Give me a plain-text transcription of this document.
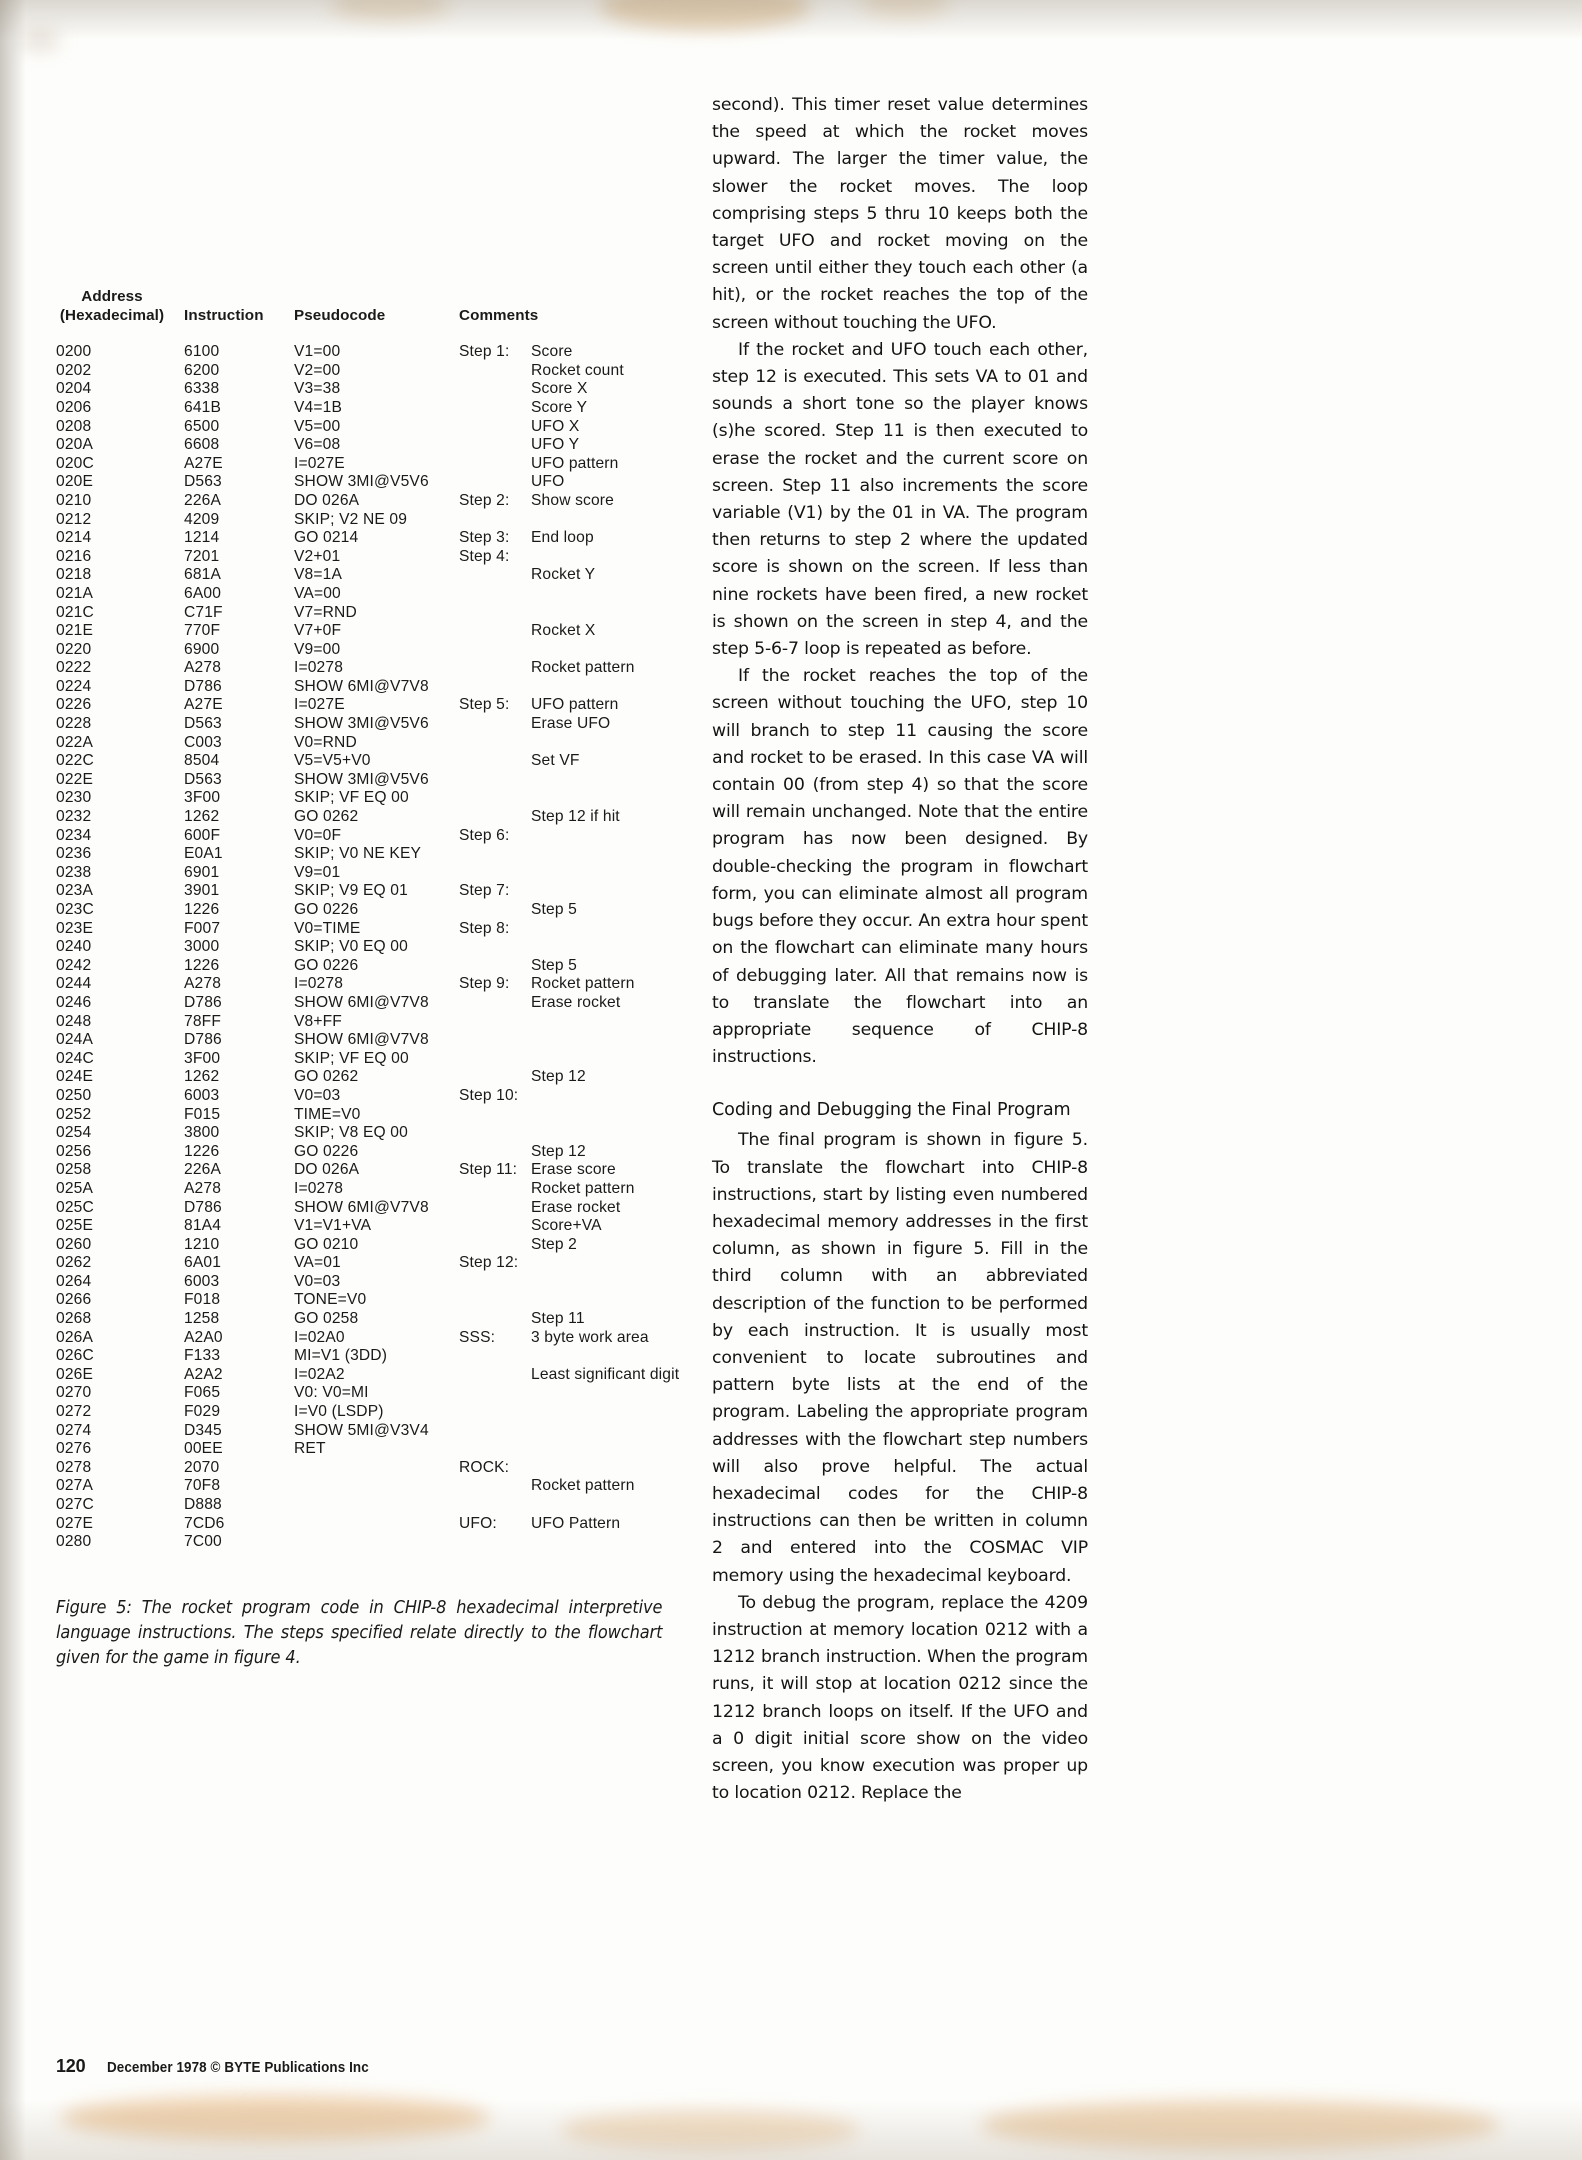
Address
(Hexadecimal)	Instruction	Pseudocode	Comments	
0200	6100	V1=00	Step 1:	Score
0202	6200	V2=00		Rocket count
0204	6338	V3=38		Score X
0206	641B	V4=1B		Score Y
0208	6500	V5=00		UFO X
020A	6608	V6=08		UFO Y
020C	A27E	I=027E		UFO pattern
020E	D563	SHOW 3MI@V5V6		UFO
0210	226A	DO 026A	Step 2:	Show score
0212	4209	SKIP; V2 NE 09		
0214	1214	GO 0214	Step 3:	End loop
0216	7201	V2+01	Step 4:	
0218	681A	V8=1A		Rocket Y
021A	6A00	VA=00		
021C	C71F	V7=RND		
021E	770F	V7+0F		Rocket X
0220	6900	V9=00		
0222	A278	I=0278		Rocket pattern
0224	D786	SHOW 6MI@V7V8		
0226	A27E	I=027E	Step 5:	UFO pattern
0228	D563	SHOW 3MI@V5V6		Erase UFO
022A	C003	V0=RND		
022C	8504	V5=V5+V0		Set VF
022E	D563	SHOW 3MI@V5V6		
0230	3F00	SKIP; VF EQ 00		
0232	1262	GO 0262		Step 12 if hit
0234	600F	V0=0F	Step 6:	
0236	E0A1	SKIP; V0 NE KEY		
0238	6901	V9=01		
023A	3901	SKIP; V9 EQ 01	Step 7:	
023C	1226	GO 0226		Step 5
023E	F007	V0=TIME	Step 8:	
0240	3000	SKIP; V0 EQ 00		
0242	1226	GO 0226		Step 5
0244	A278	I=0278	Step 9:	Rocket pattern
0246	D786	SHOW 6MI@V7V8		Erase rocket
0248	78FF	V8+FF		
024A	D786	SHOW 6MI@V7V8		
024C	3F00	SKIP; VF EQ 00		
024E	1262	GO 0262		Step 12
0250	6003	V0=03	Step 10:	
0252	F015	TIME=V0		
0254	3800	SKIP; V8 EQ 00		
0256	1226	GO 0226		Step 12
0258	226A	DO 026A	Step 11:	Erase score
025A	A278	I=0278		Rocket pattern
025C	D786	SHOW 6MI@V7V8		Erase rocket
025E	81A4	V1=V1+VA		Score+VA
0260	1210	GO 0210		Step 2
0262	6A01	VA=01	Step 12:	
0264	6003	V0=03		
0266	F018	TONE=V0		
0268	1258	GO 0258		Step 11
026A	A2A0	I=02A0	SSS:	3 byte work area
026C	F133	MI=V1 (3DD)		
026E	A2A2	I=02A2		Least significant digit
0270	F065	V0: V0=MI		
0272	F029	I=V0 (LSDP)		
0274	D345	SHOW 5MI@V3V4		
0276	00EE	RET		
0278	2070		ROCK:	
027A	70F8			Rocket pattern
027C	D888			
027E	7CD6		UFO:	UFO Pattern
0280	7C00			
Figure 5: The rocket program code in CHIP-8 hexadecimal interpretive language instructions. The steps specified relate directly to the flowchart given for the game in figure 4.

second). This timer reset value determines the speed at which the rocket moves upward. The larger the timer value, the slower the rocket moves. The loop comprising steps 5 thru 10 keeps both the target UFO and rocket moving on the screen until either they touch each other (a hit), or the rocket reaches the top of the screen without touching the UFO.

If the rocket and UFO touch each other, step 12 is executed. This sets VA to 01 and sounds a short tone so the player knows (s)he scored. Step 11 is then executed to erase the rocket and the current score on screen. Step 11 also increments the score variable (V1) by the 01 in VA. The program then returns to step 2 where the updated score is shown on the screen. If less than nine rockets have been fired, a new rocket is shown on the screen in step 4, and the step 5-6-7 loop is repeated as before.

If the rocket reaches the top of the screen without touching the UFO, step 10 will branch to step 11 causing the score and rocket to be erased. In this case VA will contain 00 (from step 4) so that the score will remain unchanged. Note that the entire program has now been designed. By double-checking the program in flowchart form, you can eliminate almost all program bugs before they occur. An extra hour spent on the flowchart can eliminate many hours of debugging later. All that remains now is to translate the flowchart into an appropriate sequence of CHIP-8 instructions.

Coding and Debugging the Final Program

The final program is shown in figure 5. To translate the flowchart into CHIP-8 instructions, start by listing even numbered hexadecimal memory addresses in the first column, as shown in figure 5. Fill in the third column with an abbreviated description of the function to be performed by each instruction. It is usually most convenient to locate subroutines and pattern byte lists at the end of the program. Labeling the appropriate program addresses with the flowchart step numbers will also prove helpful. The actual hexadecimal codes for the CHIP-8 instructions can then be written in column 2 and entered into the COSMAC VIP memory using the hexadecimal keyboard.

To debug the program, replace the 4209 instruction at memory location 0212 with a 1212 branch instruction. When the program runs, it will stop at location 0212 since the 1212 branch loops on itself. If the UFO and a 0 digit initial score show on the video screen, you know execution was proper up to location 0212. Replace the

120 December 1978 © BYTE Publications Inc
